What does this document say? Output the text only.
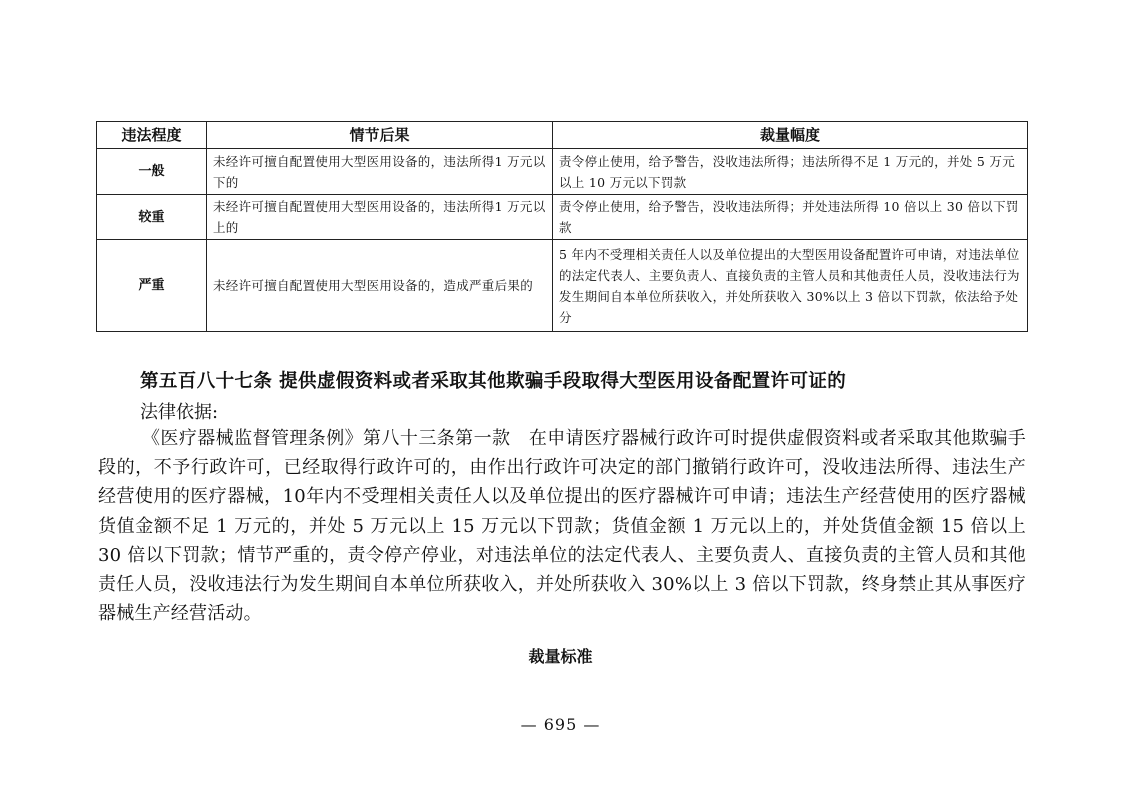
违法程度	情节后果	裁量幅度
一般	未经许可擅自配置使用大型医用设备的，违法所得1 万元以下的	责令停止使用，给予警告，没收违法所得；违法所得不足 1 万元的，并处 5 万元以上 10 万元以下罚款
较重	未经许可擅自配置使用大型医用设备的，违法所得1 万元以上的	责令停止使用，给予警告，没收违法所得；并处违法所得 10 倍以上 30 倍以下罚款
严重	未经许可擅自配置使用大型医用设备的，造成严重后果的	5 年内不受理相关责任人以及单位提出的大型医用设备配置许可申请，对违法单位的法定代表人、主要负责人、直接负责的主管人员和其他责任人员，没收违法行为发生期间自本单位所获收入，并处所获收入 30%以上 3 倍以下罚款，依法给予处分
第五百八十七条 提供虚假资料或者采取其他欺骗手段取得大型医用设备配置许可证的
法律依据:
《医疗器械监督管理条例》第八十三条第一款　在申请医疗器械行政许可时提供虚假资料或者采取其他欺骗手段的，不予行政许可，已经取得行政许可的，由作出行政许可决定的部门撤销行政许可，没收违法所得、违法生产经营使用的医疗器械，10年内不受理相关责任人以及单位提出的医疗器械许可申请；违法生产经营使用的医疗器械货值金额不足 1 万元的，并处 5 万元以上 15 万元以下罚款；货值金额 1 万元以上的，并处货值金额 15 倍以上 30 倍以下罚款；情节严重的，责令停产停业，对违法单位的法定代表人、主要负责人、直接负责的主管人员和其他责任人员，没收违法行为发生期间自本单位所获收入，并处所获收入 30%以上 3 倍以下罚款，终身禁止其从事医疗器械生产经营活动。
裁量标准
— 695 —
